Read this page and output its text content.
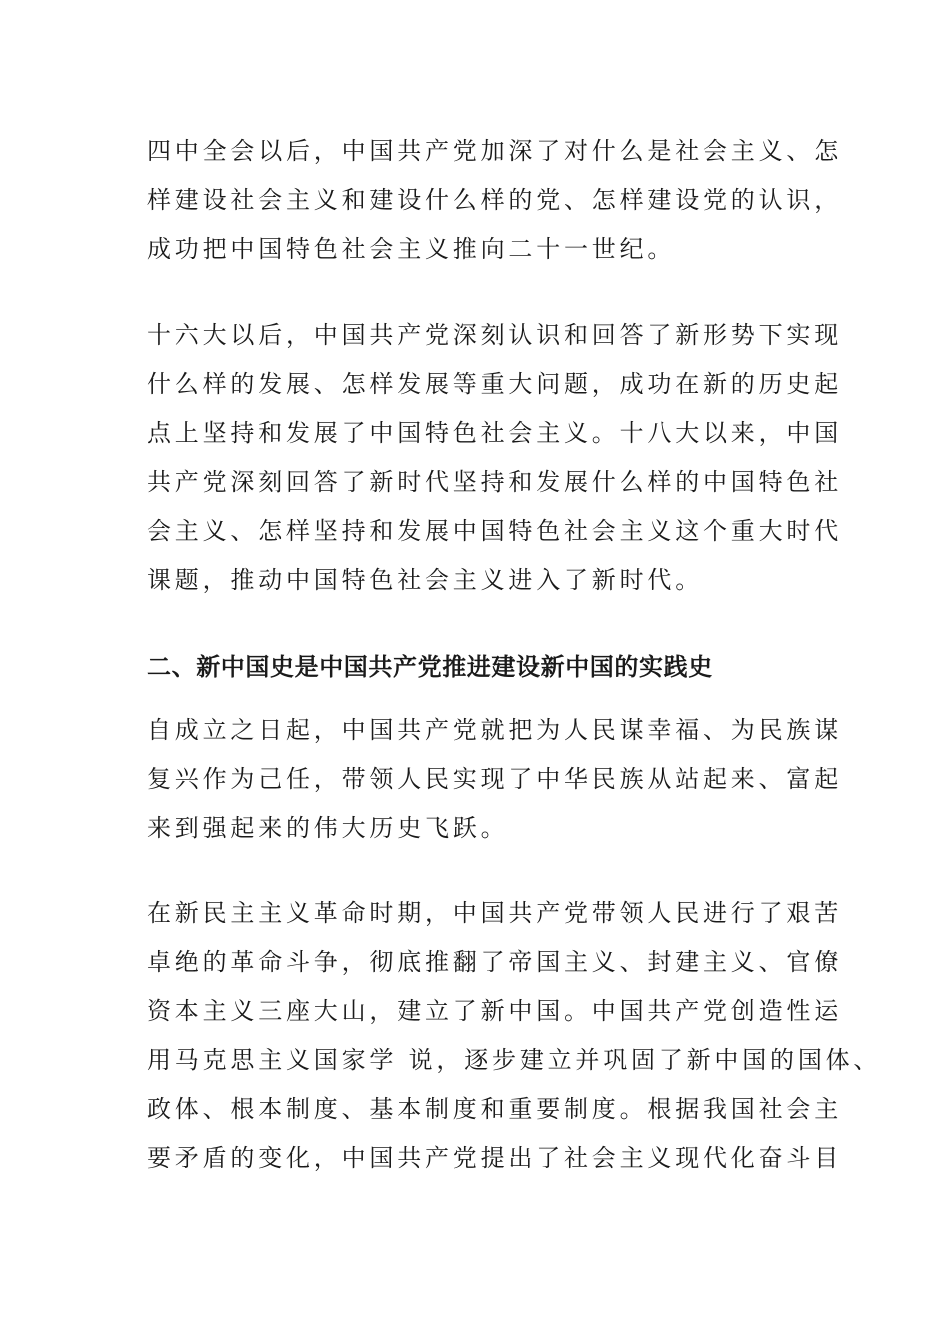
四中全会以后，中国共产党加深了对什么是社会主义、怎
样建设社会主义和建设什么样的党、怎样建设党的认识，
成功把中国特色社会主义推向二十一世纪。
十六大以后，中国共产党深刻认识和回答了新形势下实现
什么样的发展、怎样发展等重大问题，成功在新的历史起
点上坚持和发展了中国特色社会主义。十八大以来，中国
共产党深刻回答了新时代坚持和发展什么样的中国特色社
会主义、怎样坚持和发展中国特色社会主义这个重大时代
课题，推动中国特色社会主义进入了新时代。
二、新中国史是中国共产党推进建设新中国的实践史
自成立之日起，中国共产党就把为人民谋幸福、为民族谋
复兴作为己任，带领人民实现了中华民族从站起来、富起
来到强起来的伟大历史飞跃。
在新民主主义革命时期，中国共产党带领人民进行了艰苦
卓绝的革命斗争，彻底推翻了帝国主义、封建主义、官僚
资本主义三座大山，建立了新中国。中国共产党创造性运
用马克思主义国家学 说，逐步建立并巩固了新中国的国体、
政体、根本制度、基本制度和重要制度。根据我国社会主
要矛盾的变化，中国共产党提出了社会主义现代化奋斗目
